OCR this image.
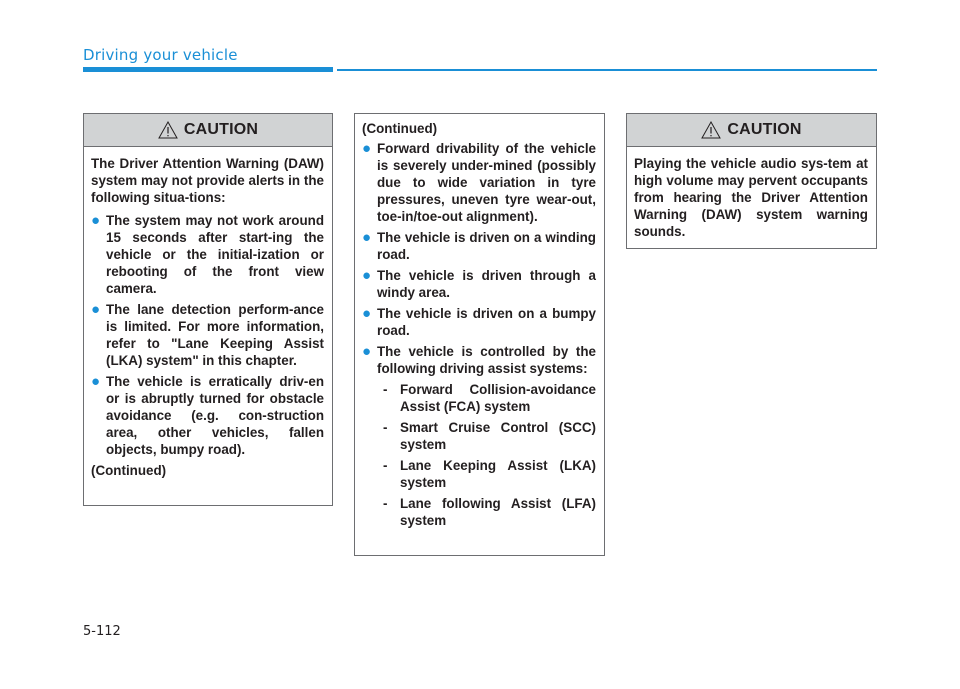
Driving your vehicle
CAUTION

The Driver Attention Warning (DAW) system may not provide alerts in the following situa-tions:

● The system may not work around 15 seconds after start-ing the vehicle or the initial-ization or rebooting of the front view camera.
● The lane detection perform-ance is limited. For more information, refer to "Lane Keeping Assist (LKA) system" in this chapter.
● The vehicle is erratically driv-en or is abruptly turned for obstacle avoidance (e.g. con-struction area, other vehicles, fallen objects, bumpy road).

(Continued)

(Continued)

● Forward drivability of the vehicle is severely under-mined (possibly due to wide variation in tyre pressures, uneven tyre wear-out, toe-in/toe-out alignment).
● The vehicle is driven on a winding road.
● The vehicle is driven through a windy area.
● The vehicle is driven on a bumpy road.
● The vehicle is controlled by the following driving assist systems:
- Forward Collision-avoidance Assist (FCA) system
- Smart Cruise Control (SCC) system
- Lane Keeping Assist (LKA) system
- Lane following Assist (LFA) system
CAUTION

Playing the vehicle audio sys-tem at high volume may pervent occupants from hearing the Driver Attention Warning (DAW) system warning sounds.

5-112
